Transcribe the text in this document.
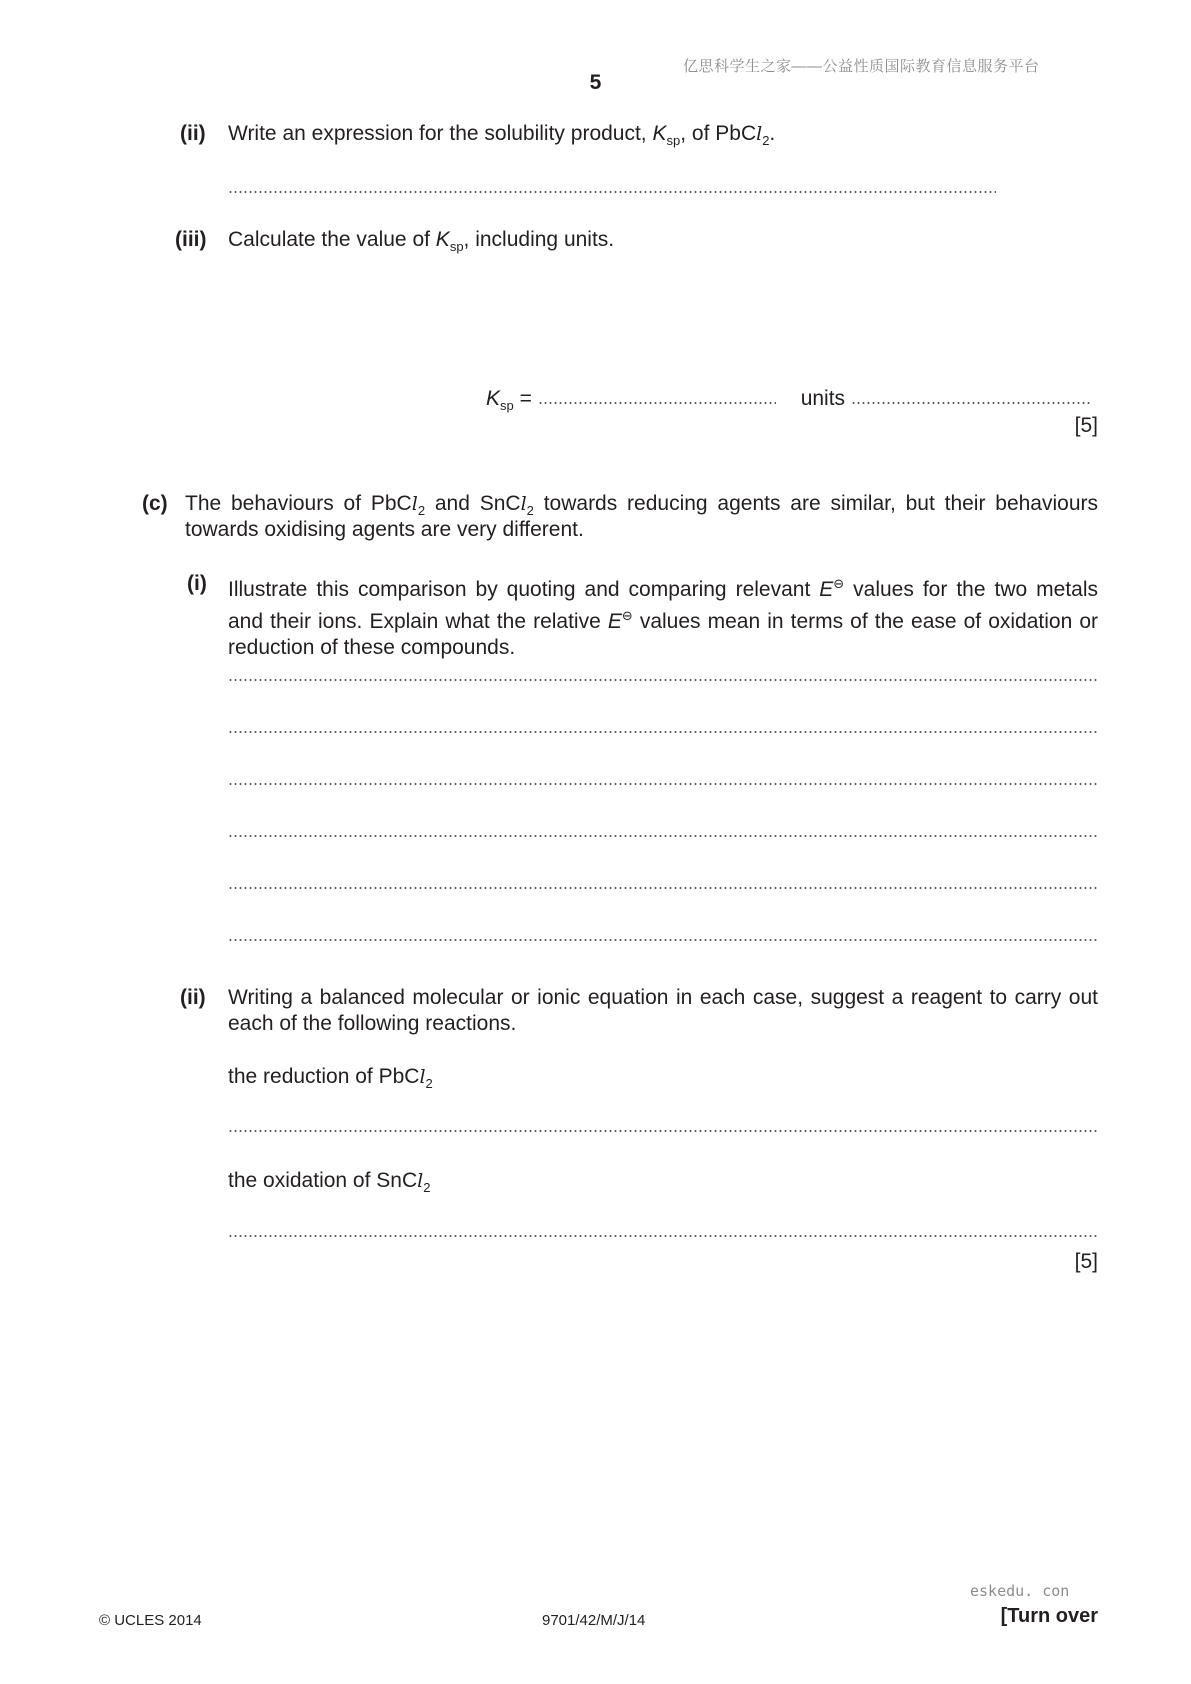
亿思科学生之家——公益性质国际教育信息服务平台
5
(ii) Write an expression for the solubility product, $K_{sp}$, of PbCl$_2$.
(iii) Calculate the value of $K_{sp}$, including units.
$K_{sp}$ =	units
[5]
(c) The behaviours of PbCl$_2$ and SnCl$_2$ towards reducing agents are similar, but their behaviours towards oxidising agents are very different.
(i) Illustrate this comparison by quoting and comparing relevant E⊖ values for the two metals and their ions. Explain what the relative E⊖ values mean in terms of the ease of oxidation or reduction of these compounds.
(ii) Writing a balanced molecular or ionic equation in each case, suggest a reagent to carry out each of the following reactions.
the reduction of PbCl$_2$
the oxidation of SnCl$_2$
[5]
eskedu. con
© UCLES 2014	9701/42/M/J/14	[Turn over
